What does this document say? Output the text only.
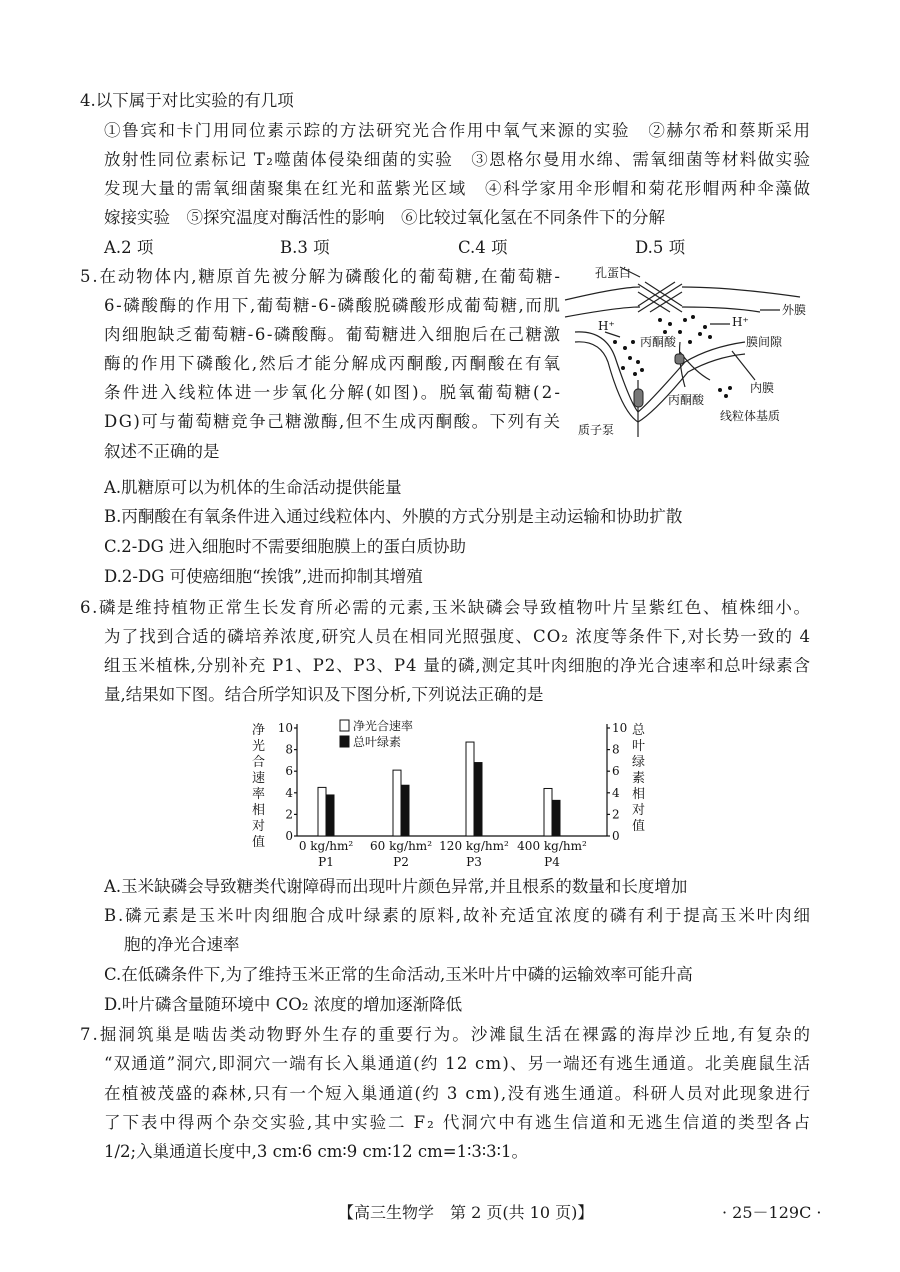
4.以下属于对比实验的有几项
①鲁宾和卡门用同位素示踪的方法研究光合作用中氧气来源的实验　②赫尔希和蔡斯采用
放射性同位素标记 T₂噬菌体侵染细菌的实验　③恩格尔曼用水绵、需氧细菌等材料做实验
发现大量的需氧细菌聚集在红光和蓝紫光区域　④科学家用伞形帽和菊花形帽两种伞藻做
嫁接实验　⑤探究温度对酶活性的影响　⑥比较过氧化氢在不同条件下的分解
A.2 项	B.3 项	C.4 项	D.5 项
5.在动物体内,糖原首先被分解为磷酸化的葡萄糖,在葡萄糖-
6-磷酸酶的作用下,葡萄糖-6-磷酸脱磷酸形成葡萄糖,而肌
肉细胞缺乏葡萄糖-6-磷酸酶。葡萄糖进入细胞后在己糖激
酶的作用下磷酸化,然后才能分解成丙酮酸,丙酮酸在有氧
条件进入线粒体进一步氧化分解(如图)。脱氧葡萄糖(2-
DG)可与葡萄糖竞争己糖激酶,但不生成丙酮酸。下列有关
叙述不正确的是
A.肌糖原可以为机体的生命活动提供能量
B.丙酮酸在有氧条件进入通过线粒体内、外膜的方式分别是主动运输和协助扩散
C.2-DG 进入细胞时不需要细胞膜上的蛋白质协助
D.2-DG 可使癌细胞“挨饿”,进而抑制其增殖
孔蛋白
外膜
H⁺	H⁺
膜间隙
丙酮酸
丙酮酸
内膜
线粒体基质
质子泵
6.磷是维持植物正常生长发育所必需的元素,玉米缺磷会导致植物叶片呈紫红色、植株细小。
为了找到合适的磷培养浓度,研究人员在相同光照强度、CO₂ 浓度等条件下,对长势一致的 4
组玉米植株,分别补充 P1、P2、P3、P4 量的磷,测定其叶肉细胞的净光合速率和总叶绿素含
量,结果如下图。结合所学知识及下图分析,下列说法正确的是
0	0
2	2
4	4
6	6
8	8
10	10
净
光
合
速
率
相
对
值
总
叶
绿
素
相
对
值
0 kg/hm²
P1
60 kg/hm²
P2
120 kg/hm²
P3
400 kg/hm²
P4
净光合速率
总叶绿素
A.玉米缺磷会导致糖类代谢障碍而出现叶片颜色异常,并且根系的数量和长度增加
B.磷元素是玉米叶肉细胞合成叶绿素的原料,故补充适宜浓度的磷有利于提高玉米叶肉细
胞的净光合速率
C.在低磷条件下,为了维持玉米正常的生命活动,玉米叶片中磷的运输效率可能升高
D.叶片磷含量随环境中 CO₂ 浓度的增加逐渐降低
7.掘洞筑巢是啮齿类动物野外生存的重要行为。沙滩鼠生活在裸露的海岸沙丘地,有复杂的
“双通道”洞穴,即洞穴一端有长入巢通道(约 12 cm)、另一端还有逃生通道。北美鹿鼠生活
在植被茂盛的森林,只有一个短入巢通道(约 3 cm),没有逃生通道。科研人员对此现象进行
了下表中得两个杂交实验,其中实验二 F₂ 代洞穴中有逃生信道和无逃生信道的类型各占
1/2;入巢通道长度中,3 cm∶6 cm∶9 cm∶12 cm=1∶3∶3∶1。
【高三生物学　第 2 页(共 10 页)】	· 25－129C ·
